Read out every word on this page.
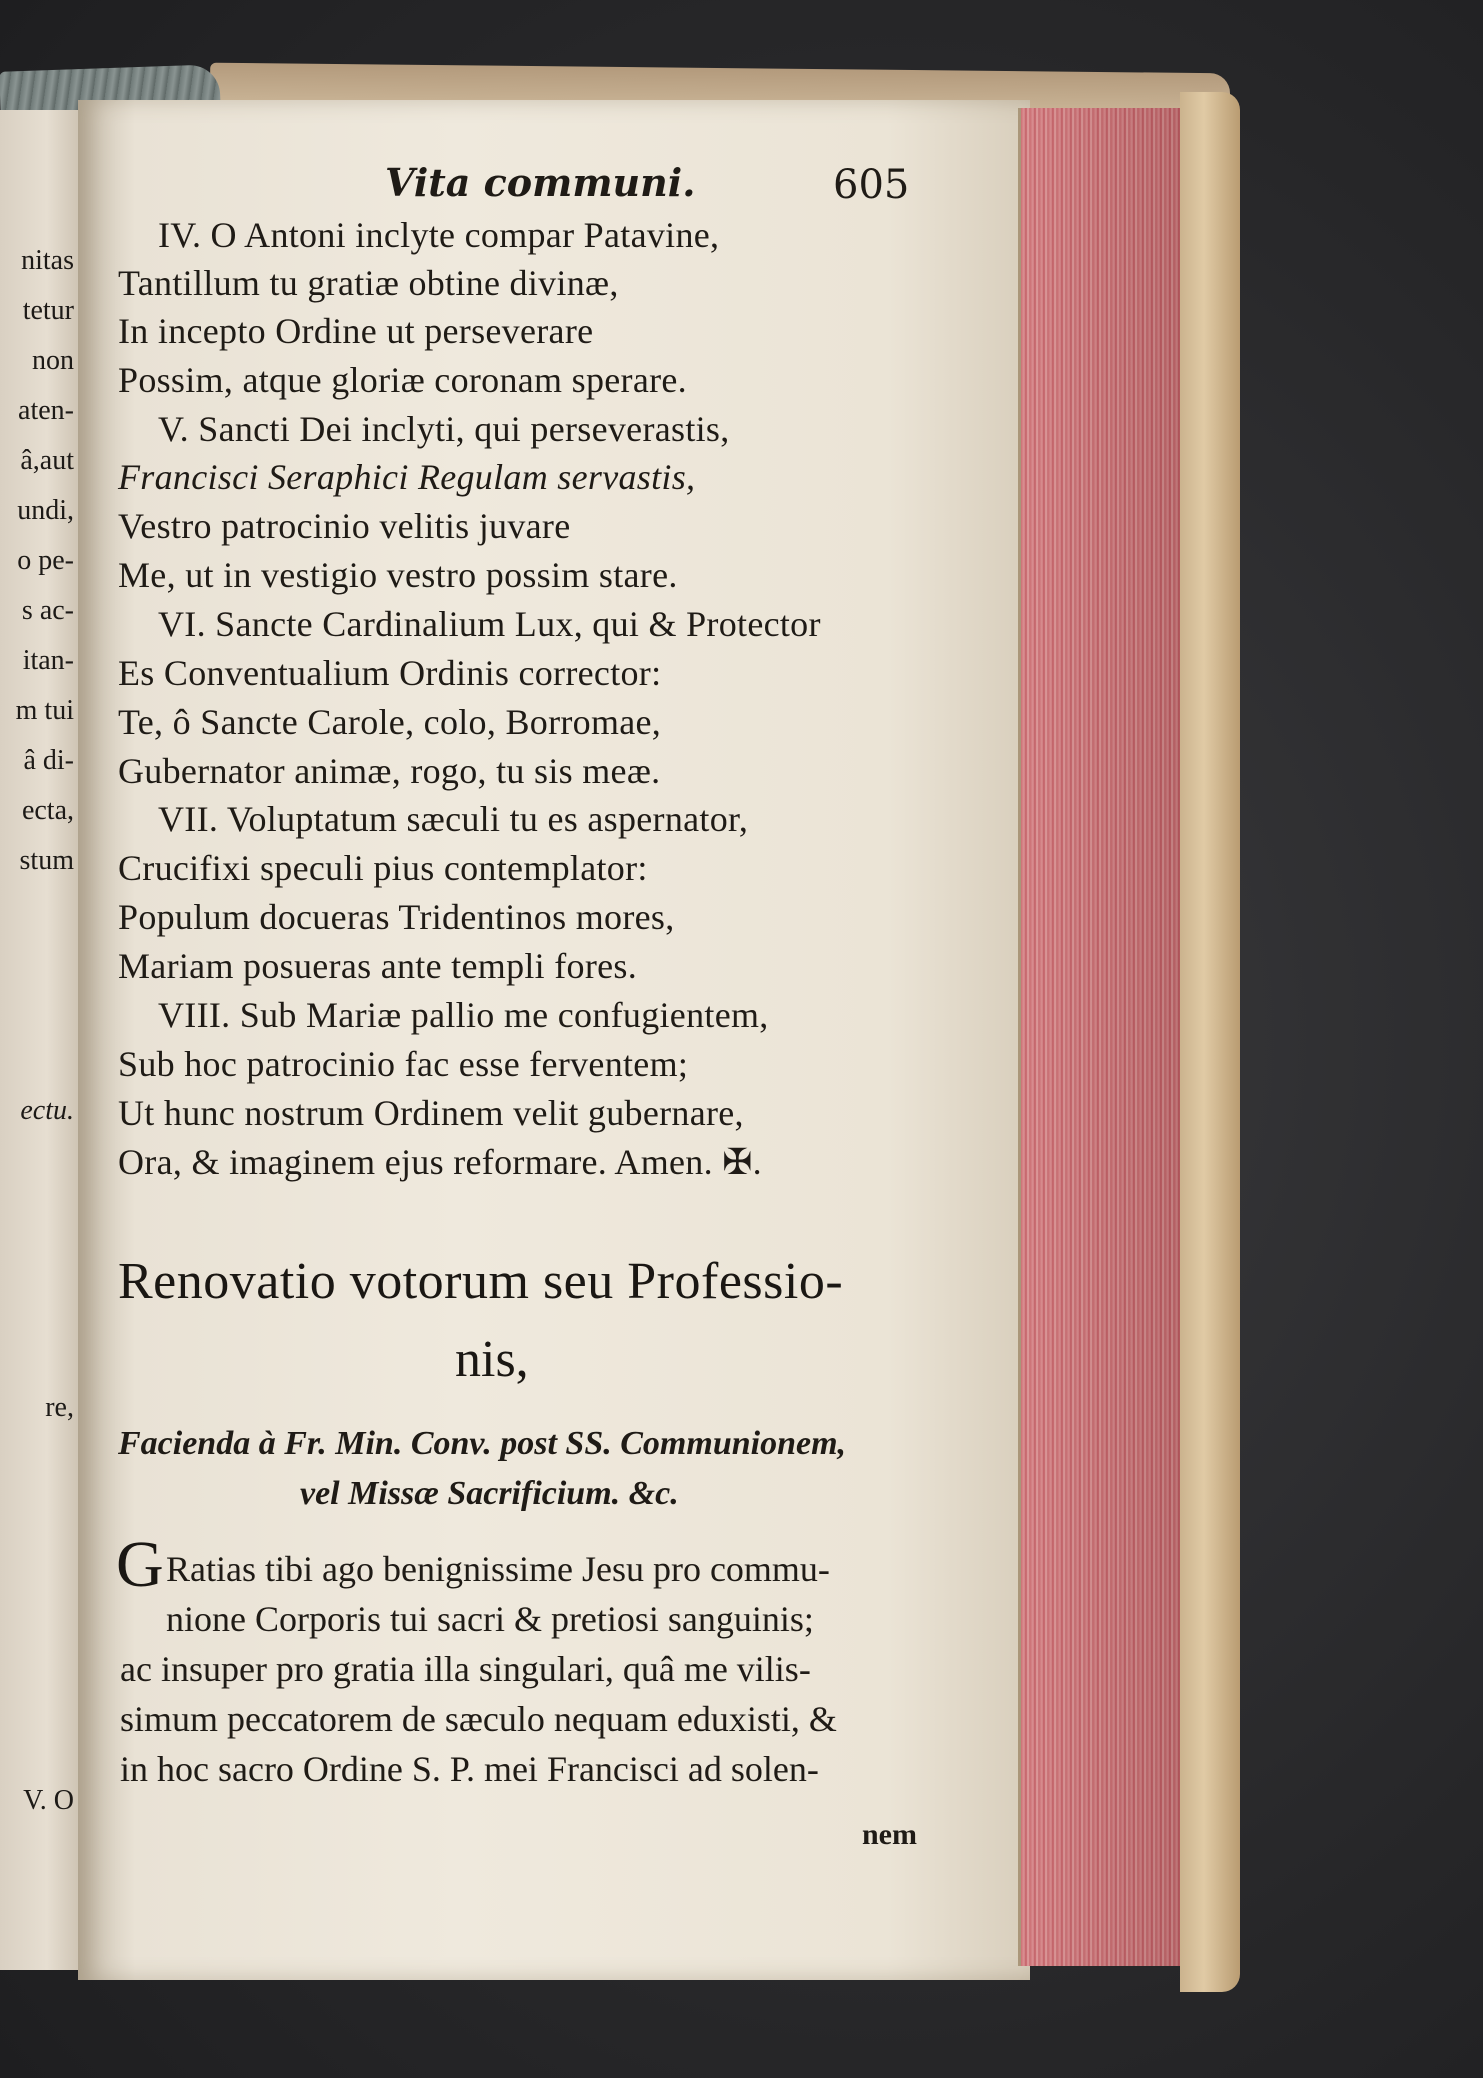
nitas
tetur
non
aten-
â,aut
undi,
o pe-
s ac-
itan-
m tui
â di-
ecta,
stum
ectu.
re,
V. O
Vita communi.	605
IV. O Antoni inclyte compar Patavine,
Tantillum tu gratiæ obtine divinæ,
In incepto Ordine ut perseverare
Possim, atque gloriæ coronam sperare.
V. Sancti Dei inclyti, qui perseverastis,
Francisci Seraphici Regulam servastis,
Vestro patrocinio velitis juvare
Me, ut in vestigio vestro possim stare.
VI. Sancte Cardinalium Lux, qui & Protector
Es Conventualium Ordinis corrector:
Te, ô Sancte Carole, colo, Borromae,
Gubernator animæ, rogo, tu sis meæ.
VII. Voluptatum sæculi tu es aspernator,
Crucifixi speculi pius contemplator:
Populum docueras Tridentinos mores,
Mariam posueras ante templi fores.
VIII. Sub Mariæ pallio me confugientem,
Sub hoc patrocinio fac esse ferventem;
Ut hunc nostrum Ordinem velit gubernare,
Ora, & imaginem ejus reformare. Amen. ✠.
Renovatio votorum seu Professio-
nis,
Facienda à Fr. Min. Conv. post SS. Communionem,
vel Missæ Sacrificium. &c.
G Ratias tibi ago benignissime Jesu pro commu-
nione Corporis tui sacri & pretiosi sanguinis;
ac insuper pro gratia illa singulari, quâ me vilis-
simum peccatorem de sæculo nequam eduxisti, &
in hoc sacro Ordine S. P. mei Francisci ad solen-
nem
